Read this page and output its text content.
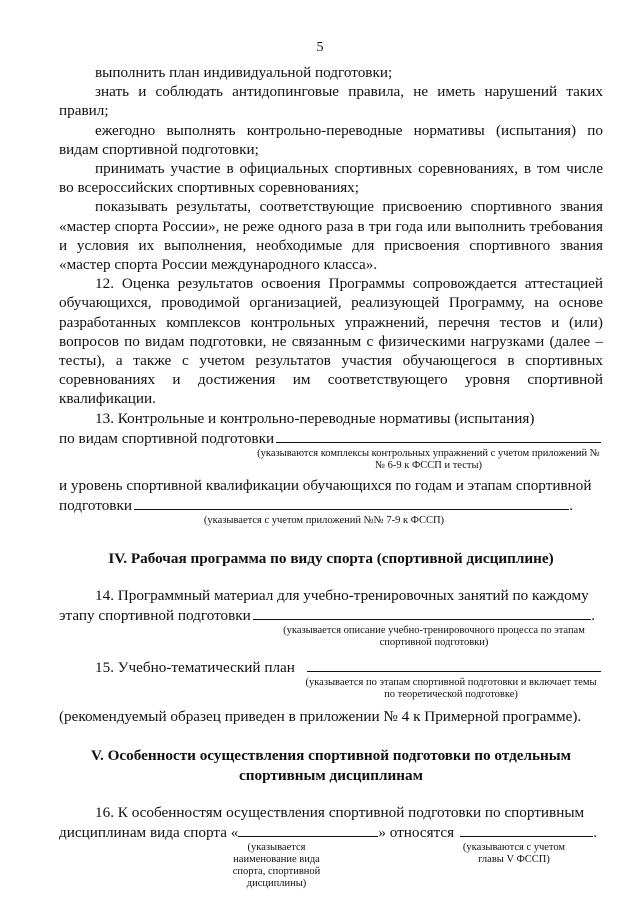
5

выполнить план индивидуальной подготовки;

знать и соблюдать антидопинговые правила, не иметь нарушений таких правил;

ежегодно выполнять контрольно-переводные нормативы (испытания) по видам спортивной подготовки;

принимать участие в официальных спортивных соревнованиях, в том числе во всероссийских спортивных соревнованиях;

показывать результаты, соответствующие присвоению спортивного звания «мастер спорта России», не реже одного раза в три года или выполнить требования и условия их выполнения, необходимые для присвоения спортивного звания «мастер спорта России международного класса».

12. Оценка результатов освоения Программы сопровождается аттестацией обучающихся, проводимой организацией, реализующей Программу, на основе разработанных комплексов контрольных упражнений, перечня тестов и (или) вопросов по видам подготовки, не связанным с физическими нагрузками (далее – тесты), а также с учетом результатов участия обучающегося в спортивных соревнованиях и достижения им соответствующего уровня спортивной квалификации.

13. Контрольные и контрольно-переводные нормативы (испытания)

по видам спортивной подготовки
(указываются комплексы контрольных упражнений с учетом приложений №№ 6-9 к ФССП и тесты)

и уровень спортивной квалификации обучающихся по годам и этапам спортивной

подготовки	.
(указывается с учетом приложений №№ 7-9 к ФССП)

IV. Рабочая программа по виду спорта (спортивной дисциплине)

14. Программный материал для учебно-тренировочных занятий по каждому

этапу спортивной подготовки	.
(указывается описание учебно-тренировочного процесса по этапам спортивной подготовки)
15. Учебно-тематический план
(указывается по этапам спортивной подготовки и включает темы по теоретической подготовке)

(рекомендуемый образец приведен в приложении № 4 к Примерной программе).

V. Особенности осуществления спортивной подготовки по отдельным

спортивным дисциплинам

16. К особенностям осуществления спортивной подготовки по спортивным

дисциплинам вида спорта «	» относятся	.
(указывается наименование вида спорта, спортивной дисциплины)
(указываются с учетом главы V ФССП)
